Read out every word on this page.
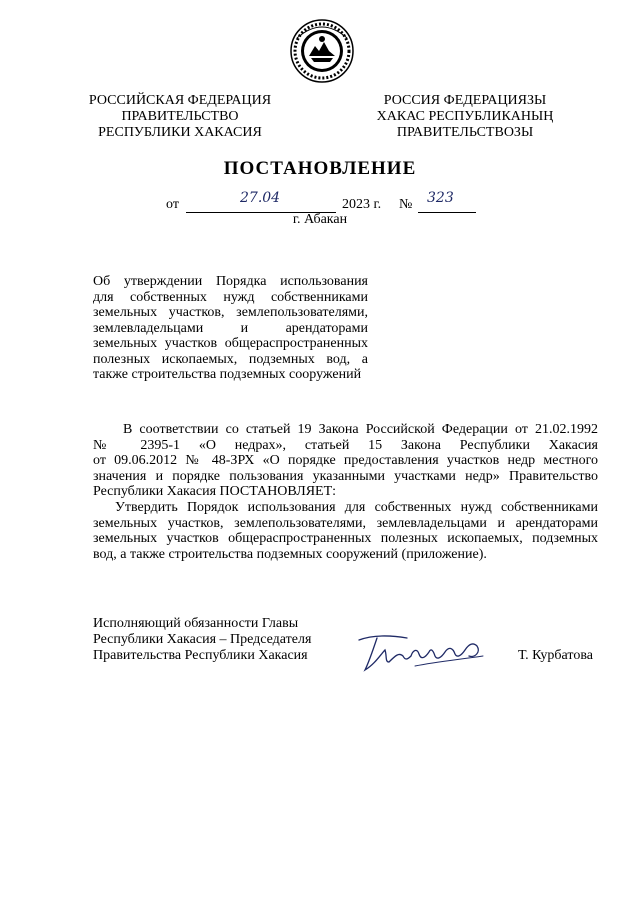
РОССИЙСКАЯ ФЕДЕРАЦИЯ
ПРАВИТЕЛЬСТВО
РЕСПУБЛИКИ ХАКАСИЯ
РОССИЯ ФЕДЕРАЦИЯЗЫ
ХАКАС РЕСПУБЛИКАНЫҢ
ПРАВИТЕЛЬСТВОЗЫ
ПОСТАНОВЛЕНИЕ
от	27.04	2023 г. № 323
г. Абакан
Об утверждении Порядка использования
для собственных нужд собственниками
земельных участков, землепользователями,
землевладельцами и арендаторами
земельных участков общераспространенных
полезных ископаемых, подземных вод, а
также строительства подземных сооружений
В соответствии со статьей 19 Закона Российской Федерации от 21.02.1992
№ 2395-1 «О недрах», статьей 15 Закона Республики Хакасия
от 09.06.2012 № 48-ЗРХ «О порядке предоставления участков недр местного
значения и порядке пользования указанными участками недр» Правительство
Республики Хакасия ПОСТАНОВЛЯЕТ:
Утвердить Порядок использования для собственных нужд собственниками
земельных участков, землепользователями, землевладельцами и арендаторами
земельных участков общераспространенных полезных ископаемых, подземных
вод, а также строительства подземных сооружений (приложение).
Исполняющий обязанности Главы
Республики Хакасия – Председателя
Правительства Республики Хакасия	Т. Курбатова
